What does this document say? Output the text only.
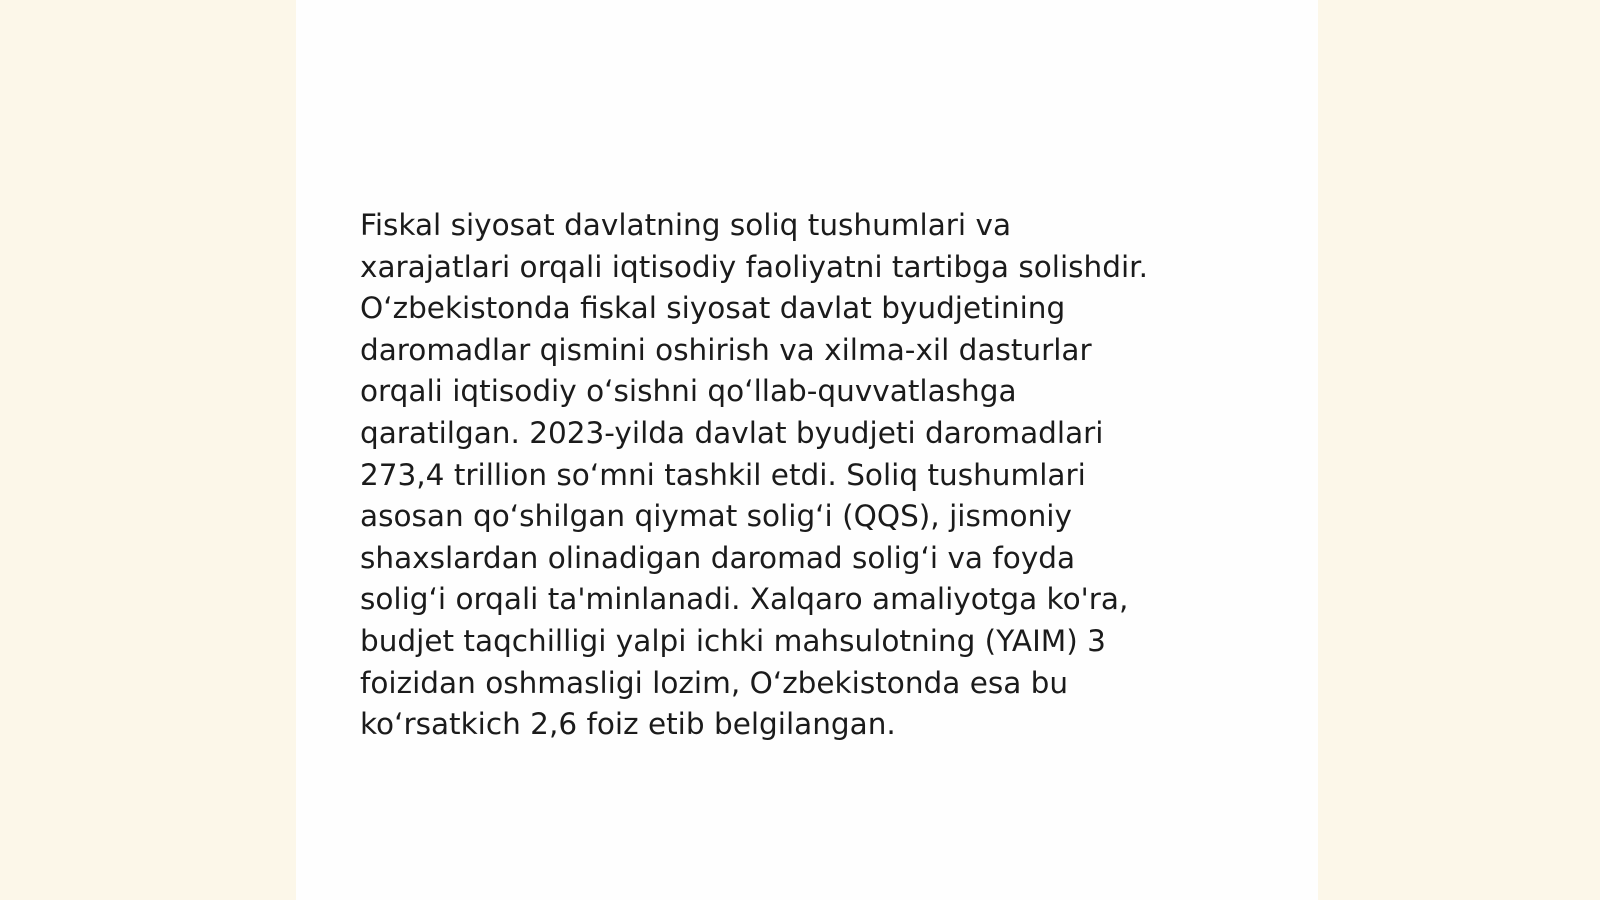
Fiskal siyosat davlatning soliq tushumlari va
xarajatlari orqali iqtisodiy faoliyatni tartibga solishdir.
O‘zbekistonda fiskal siyosat davlat byudjetining
daromadlar qismini oshirish va xilma-xil dasturlar
orqali iqtisodiy o‘sishni qo‘llab-quvvatlashga
qaratilgan. 2023-yilda davlat byudjeti daromadlari
273,4 trillion so‘mni tashkil etdi. Soliq tushumlari
asosan qo‘shilgan qiymat solig‘i (QQS), jismoniy
shaxslardan olinadigan daromad solig‘i va foyda
solig‘i orqali ta'minlanadi. Xalqaro amaliyotga ko'ra,
budjet taqchilligi yalpi ichki mahsulotning (YAIM) 3
foizidan oshmasligi lozim, O‘zbekistonda esa bu
ko‘rsatkich 2,6 foiz etib belgilangan.
